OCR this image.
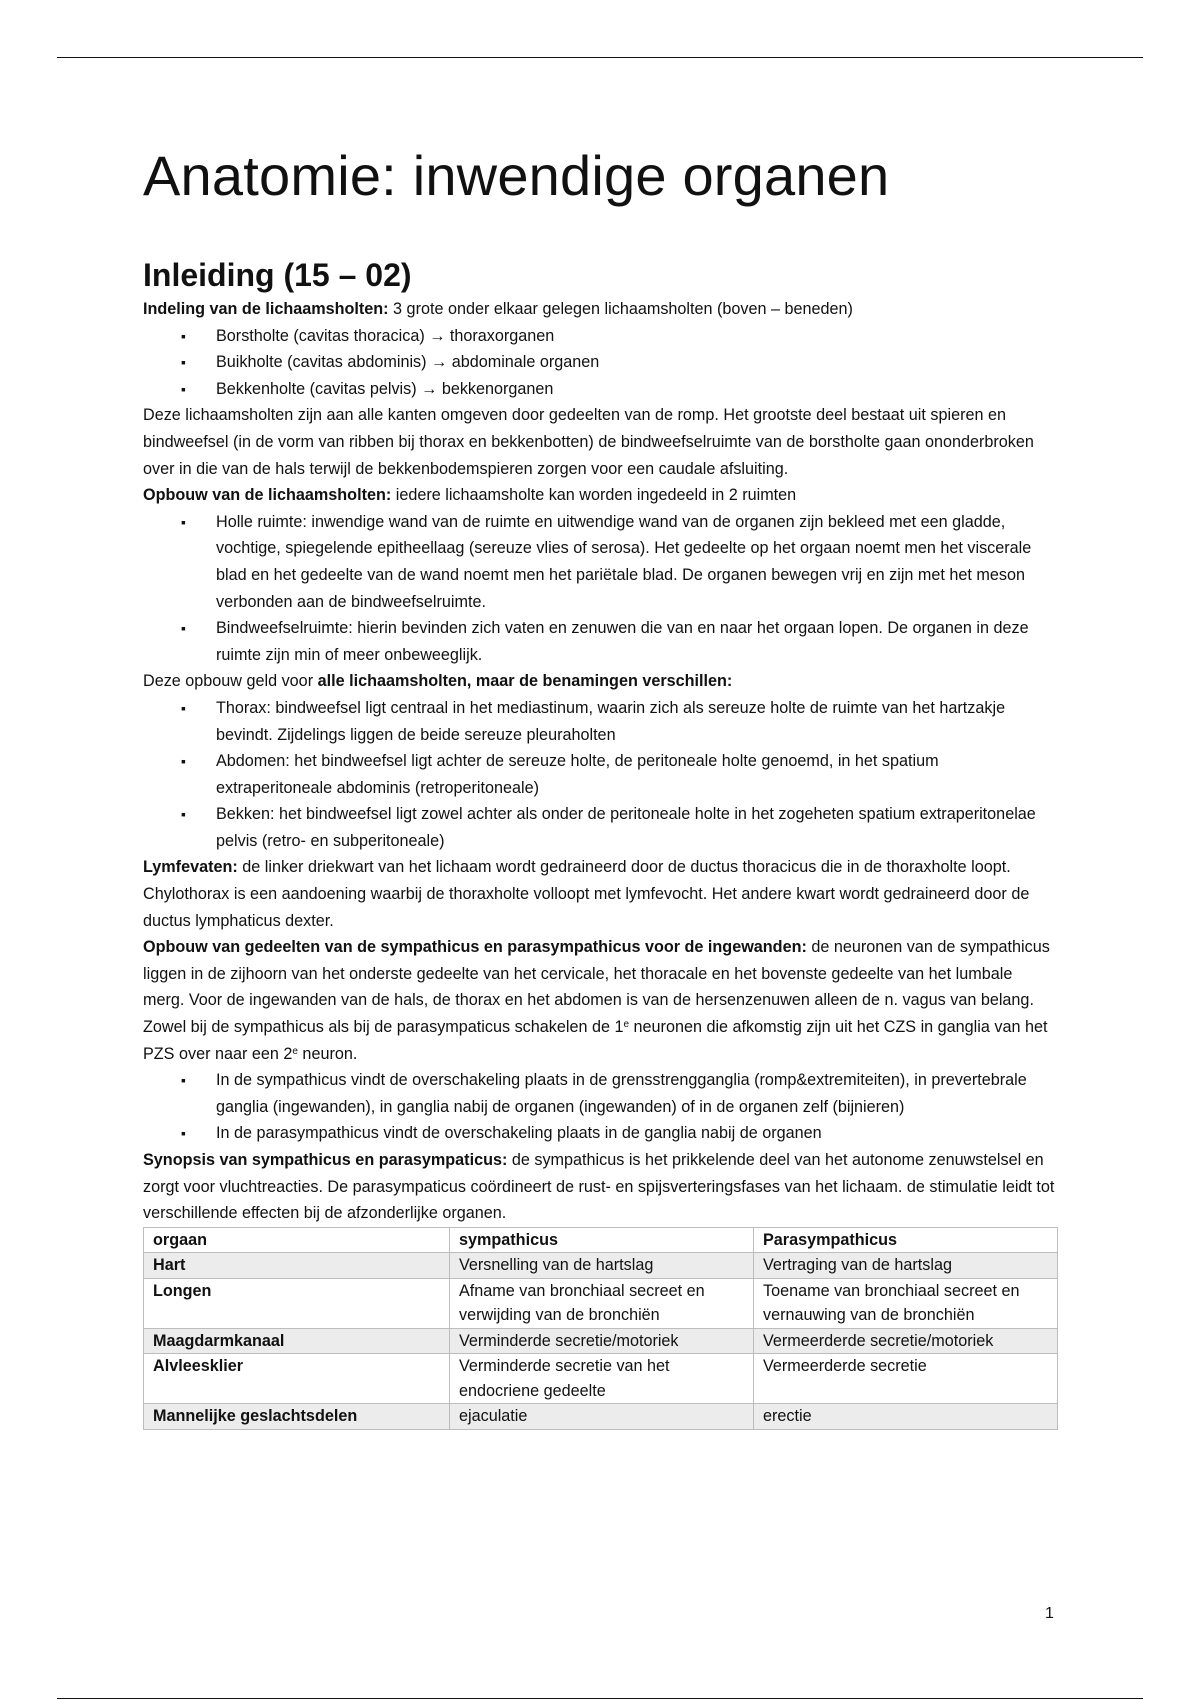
Anatomie: inwendige organen
Inleiding (15 – 02)

Indeling van de lichaamsholten: 3 grote onder elkaar gelegen lichaamsholten (boven – beneden)

▪ Borstholte (cavitas thoracica) → thoraxorganen
▪ Buikholte (cavitas abdominis) → abdominale organen
▪ Bekkenholte (cavitas pelvis) → bekkenorganen

Deze lichaamsholten zijn aan alle kanten omgeven door gedeelten van de romp. Het grootste deel bestaat uit spieren en bindweefsel (in de vorm van ribben bij thorax en bekkenbotten) de bindweefselruimte van de borstholte gaan ononderbroken over in die van de hals terwijl de bekkenbodemspieren zorgen voor een caudale afsluiting.

Opbouw van de lichaamsholten: iedere lichaamsholte kan worden ingedeeld in 2 ruimten

▪ Holle ruimte: inwendige wand van de ruimte en uitwendige wand van de organen zijn bekleed met een gladde, vochtige, spiegelende epitheellaag (sereuze vlies of serosa). Het gedeelte op het orgaan noemt men het viscerale blad en het gedeelte van de wand noemt men het pariëtale blad. De organen bewegen vrij en zijn met het meson verbonden aan de bindweefselruimte.
▪ Bindweefselruimte: hierin bevinden zich vaten en zenuwen die van en naar het orgaan lopen. De organen in deze ruimte zijn min of meer onbeweeglijk.

Deze opbouw geld voor alle lichaamsholten, maar de benamingen verschillen:

▪ Thorax: bindweefsel ligt centraal in het mediastinum, waarin zich als sereuze holte de ruimte van het hartzakje bevindt. Zijdelings liggen de beide sereuze pleuraholten
▪ Abdomen: het bindweefsel ligt achter de sereuze holte, de peritoneale holte genoemd, in het spatium extraperitoneale abdominis (retroperitoneale)
▪ Bekken: het bindweefsel ligt zowel achter als onder de peritoneale holte in het zogeheten spatium extraperitonelae pelvis (retro- en subperitoneale)

Lymfevaten: de linker driekwart van het lichaam wordt gedraineerd door de ductus thoracicus die in de thoraxholte loopt. Chylothorax is een aandoening waarbij de thoraxholte volloopt met lymfevocht. Het andere kwart wordt gedraineerd door de ductus lymphaticus dexter.

Opbouw van gedeelten van de sympathicus en parasympathicus voor de ingewanden: de neuronen van de sympathicus liggen in de zijhoorn van het onderste gedeelte van het cervicale, het thoracale en het bovenste gedeelte van het lumbale merg. Voor de ingewanden van de hals, de thorax en het abdomen is van de hersenzenuwen alleen de n. vagus van belang. Zowel bij de sympathicus als bij de parasympaticus schakelen de 1e neuronen die afkomstig zijn uit het CZS in ganglia van het PZS over naar een 2e neuron.

▪ In de sympathicus vindt de overschakeling plaats in de grensstrengganglia (romp&extremiteiten), in prevertebrale ganglia (ingewanden), in ganglia nabij de organen (ingewanden) of in de organen zelf (bijnieren)
▪ In de parasympathicus vindt de overschakeling plaats in de ganglia nabij de organen

Synopsis van sympathicus en parasympaticus: de sympathicus is het prikkelende deel van het autonome zenuwstelsel en zorgt voor vluchtreacties. De parasympaticus coördineert de rust- en spijsverteringsfases van het lichaam. de stimulatie leidt tot verschillende effecten bij de afzonderlijke organen.

orgaan	sympathicus	Parasympathicus
Hart	Versnelling van de hartslag	Vertraging van de hartslag
Longen	Afname van bronchiaal secreet en verwijding van de bronchiën	Toename van bronchiaal secreet en vernauwing van de bronchiën
Maagdarmkanaal	Verminderde secretie/motoriek	Vermeerderde secretie/motoriek
Alvleesklier	Verminderde secretie van het endocriene gedeelte	Vermeerderde secretie
Mannelijke geslachtsdelen	ejaculatie	erectie
1
